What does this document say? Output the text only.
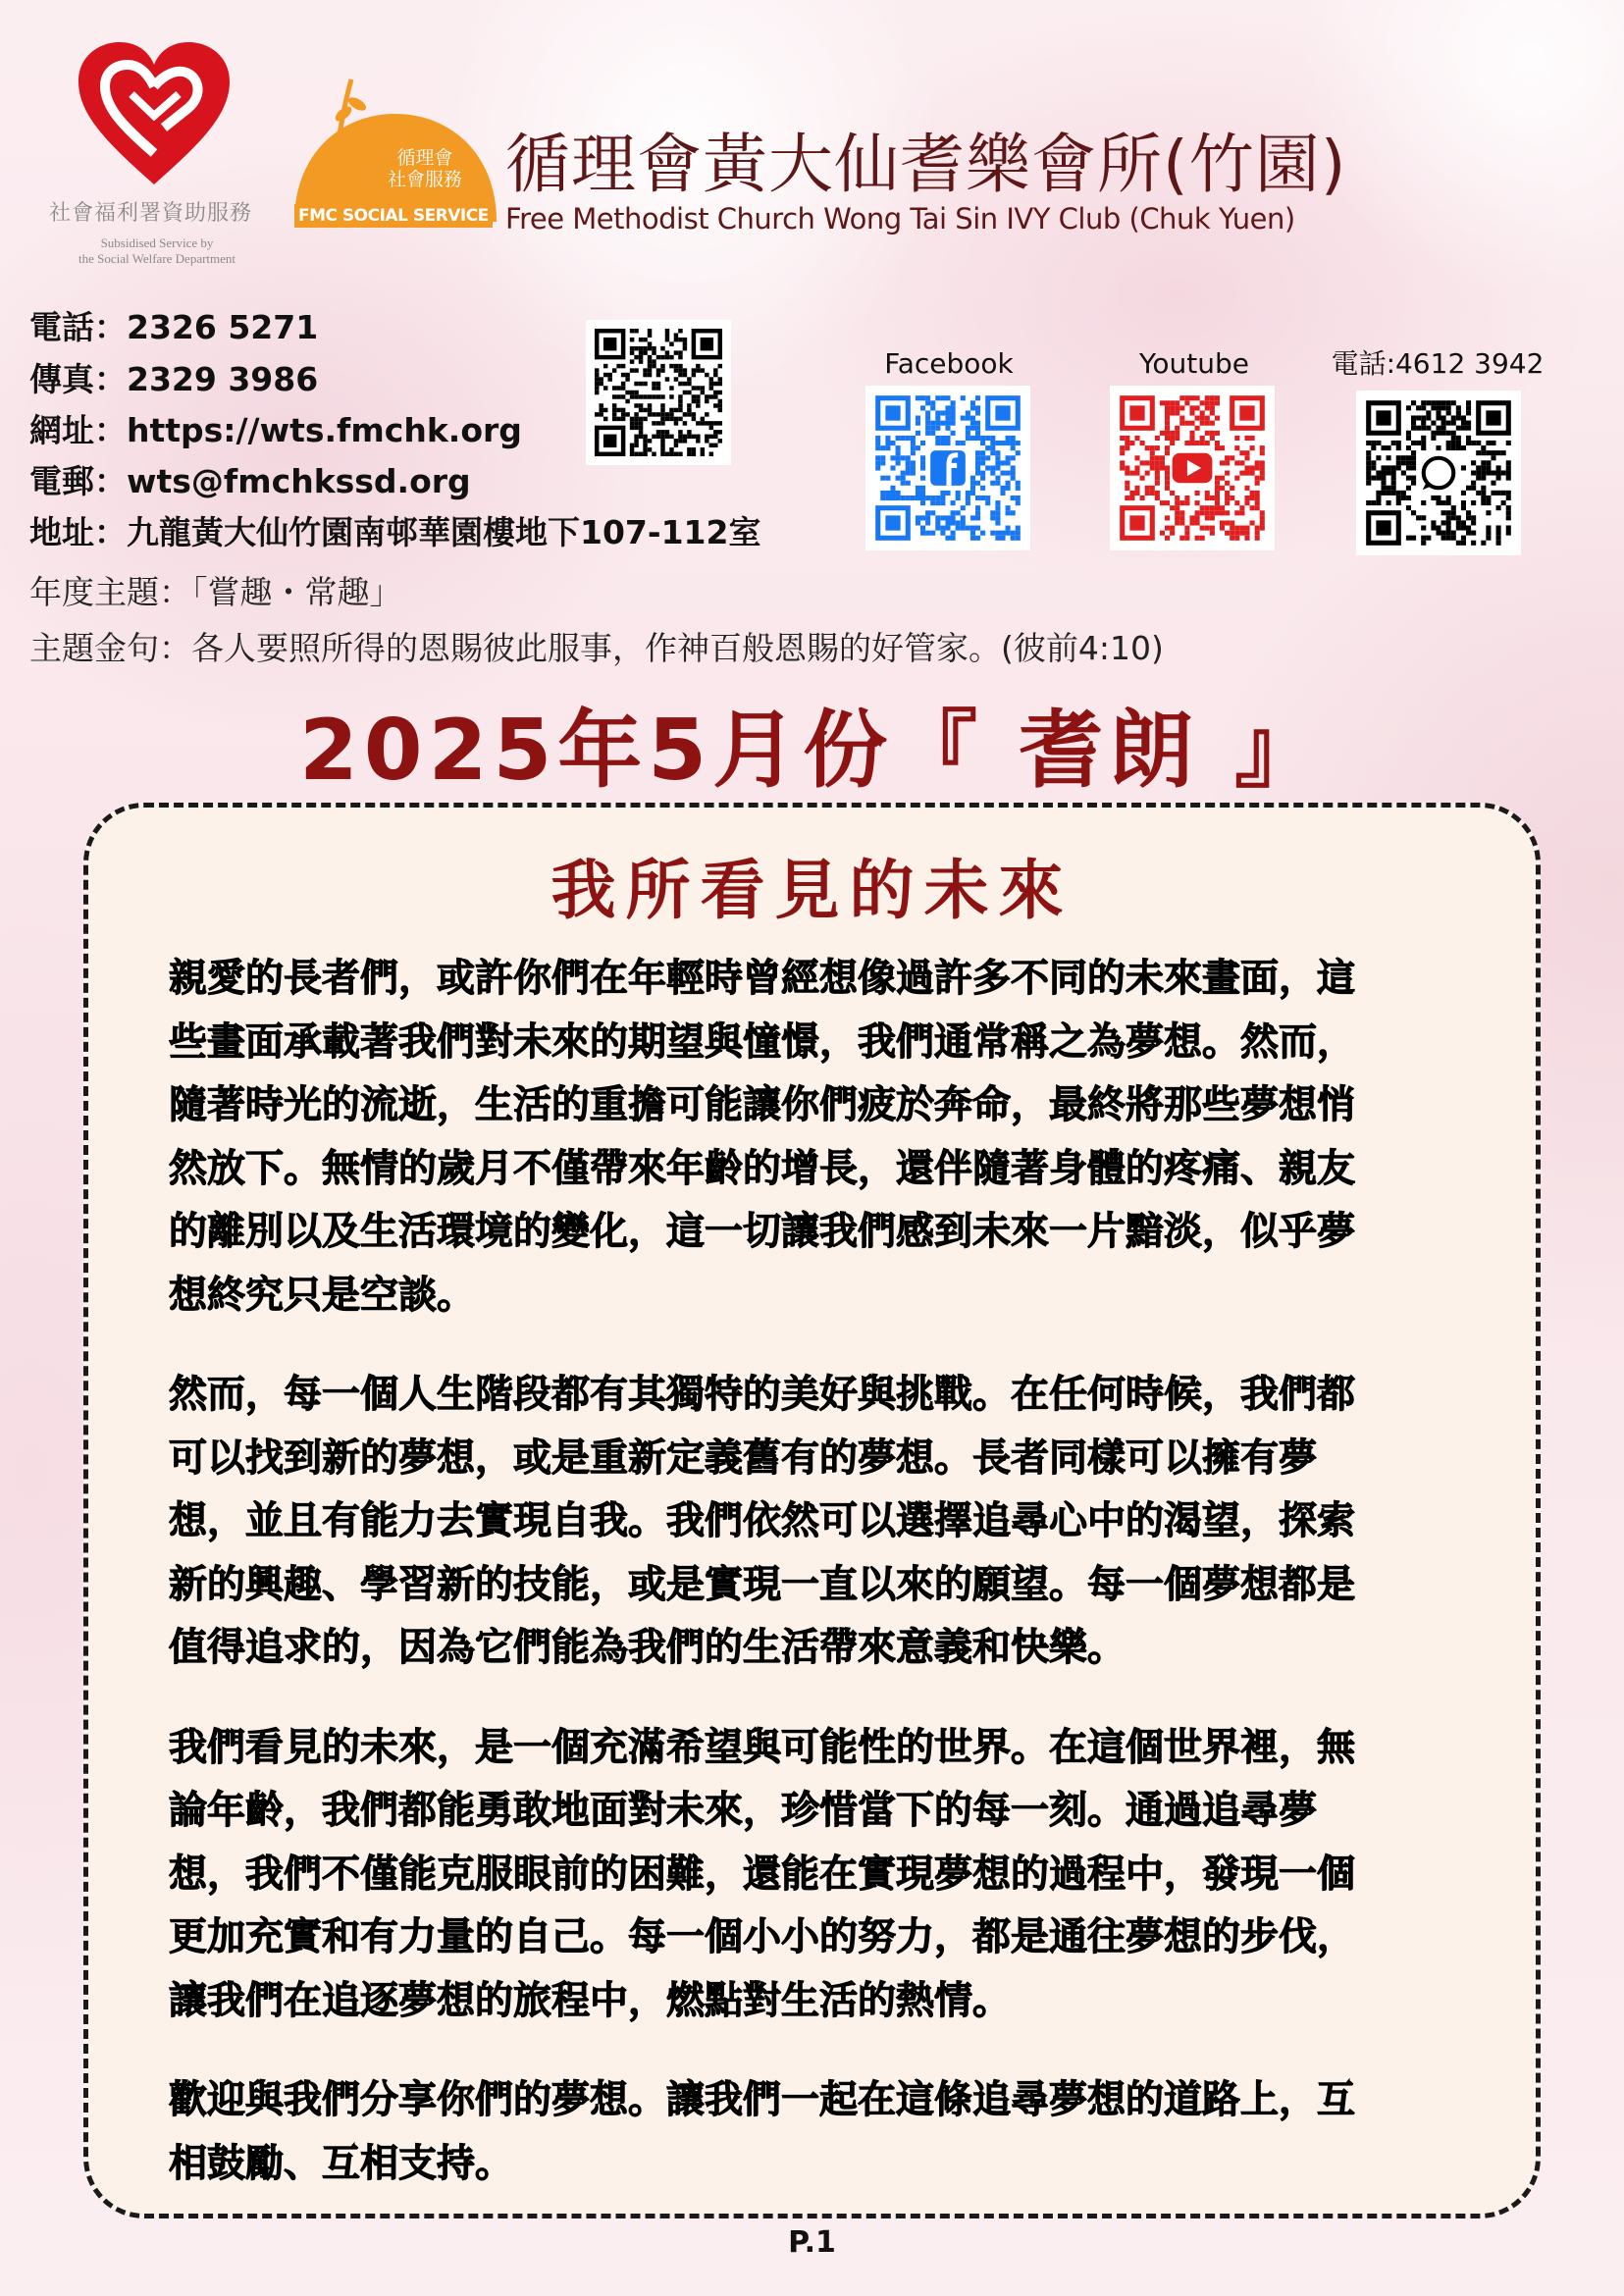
社會福利署資助服務
Subsidised Service by
the Social Welfare Department
循理會
社會服務
FMC SOCIAL SERVICE
循理會黃大仙耆樂會所(竹園)
Free Methodist Church Wong Tai Sin IVY Club (Chuk Yuen)
電話：2326 5271
傳真：2329 3986
網址：https://wts.fmchk.org
電郵：wts@fmchkssd.org
地址：九龍黃大仙竹園南邨華園樓地下107-112室
Facebook	Youtube	電話:4612 3942
年度主題：「嘗趣・常趣」
主題金句：各人要照所得的恩賜彼此服事，作神百般恩賜的好管家。(彼前4:10)
2025年5月份『 耆朗 』
我所看見的未來
親愛的長者們，或許你們在年輕時曾經想像過許多不同的未來畫面，這
些畫面承載著我們對未來的期望與憧憬，我們通常稱之為夢想。然而，
隨著時光的流逝，生活的重擔可能讓你們疲於奔命，最終將那些夢想悄
然放下。無情的歲月不僅帶來年齡的增長，還伴隨著身體的疼痛、親友
的離別以及生活環境的變化，這一切讓我們感到未來一片黯淡，似乎夢
想終究只是空談。
然而，每一個人生階段都有其獨特的美好與挑戰。在任何時候，我們都
可以找到新的夢想，或是重新定義舊有的夢想。長者同樣可以擁有夢
想，並且有能力去實現自我。我們依然可以選擇追尋心中的渴望，探索
新的興趣、學習新的技能，或是實現一直以來的願望。每一個夢想都是
值得追求的，因為它們能為我們的生活帶來意義和快樂。
我們看見的未來，是一個充滿希望與可能性的世界。在這個世界裡，無
論年齡，我們都能勇敢地面對未來，珍惜當下的每一刻。通過追尋夢
想，我們不僅能克服眼前的困難，還能在實現夢想的過程中，發現一個
更加充實和有力量的自己。每一個小小的努力，都是通往夢想的步伐，
讓我們在追逐夢想的旅程中，燃點對生活的熱情。
歡迎與我們分享你們的夢想。讓我們一起在這條追尋夢想的道路上，互
相鼓勵、互相支持。
P.1
